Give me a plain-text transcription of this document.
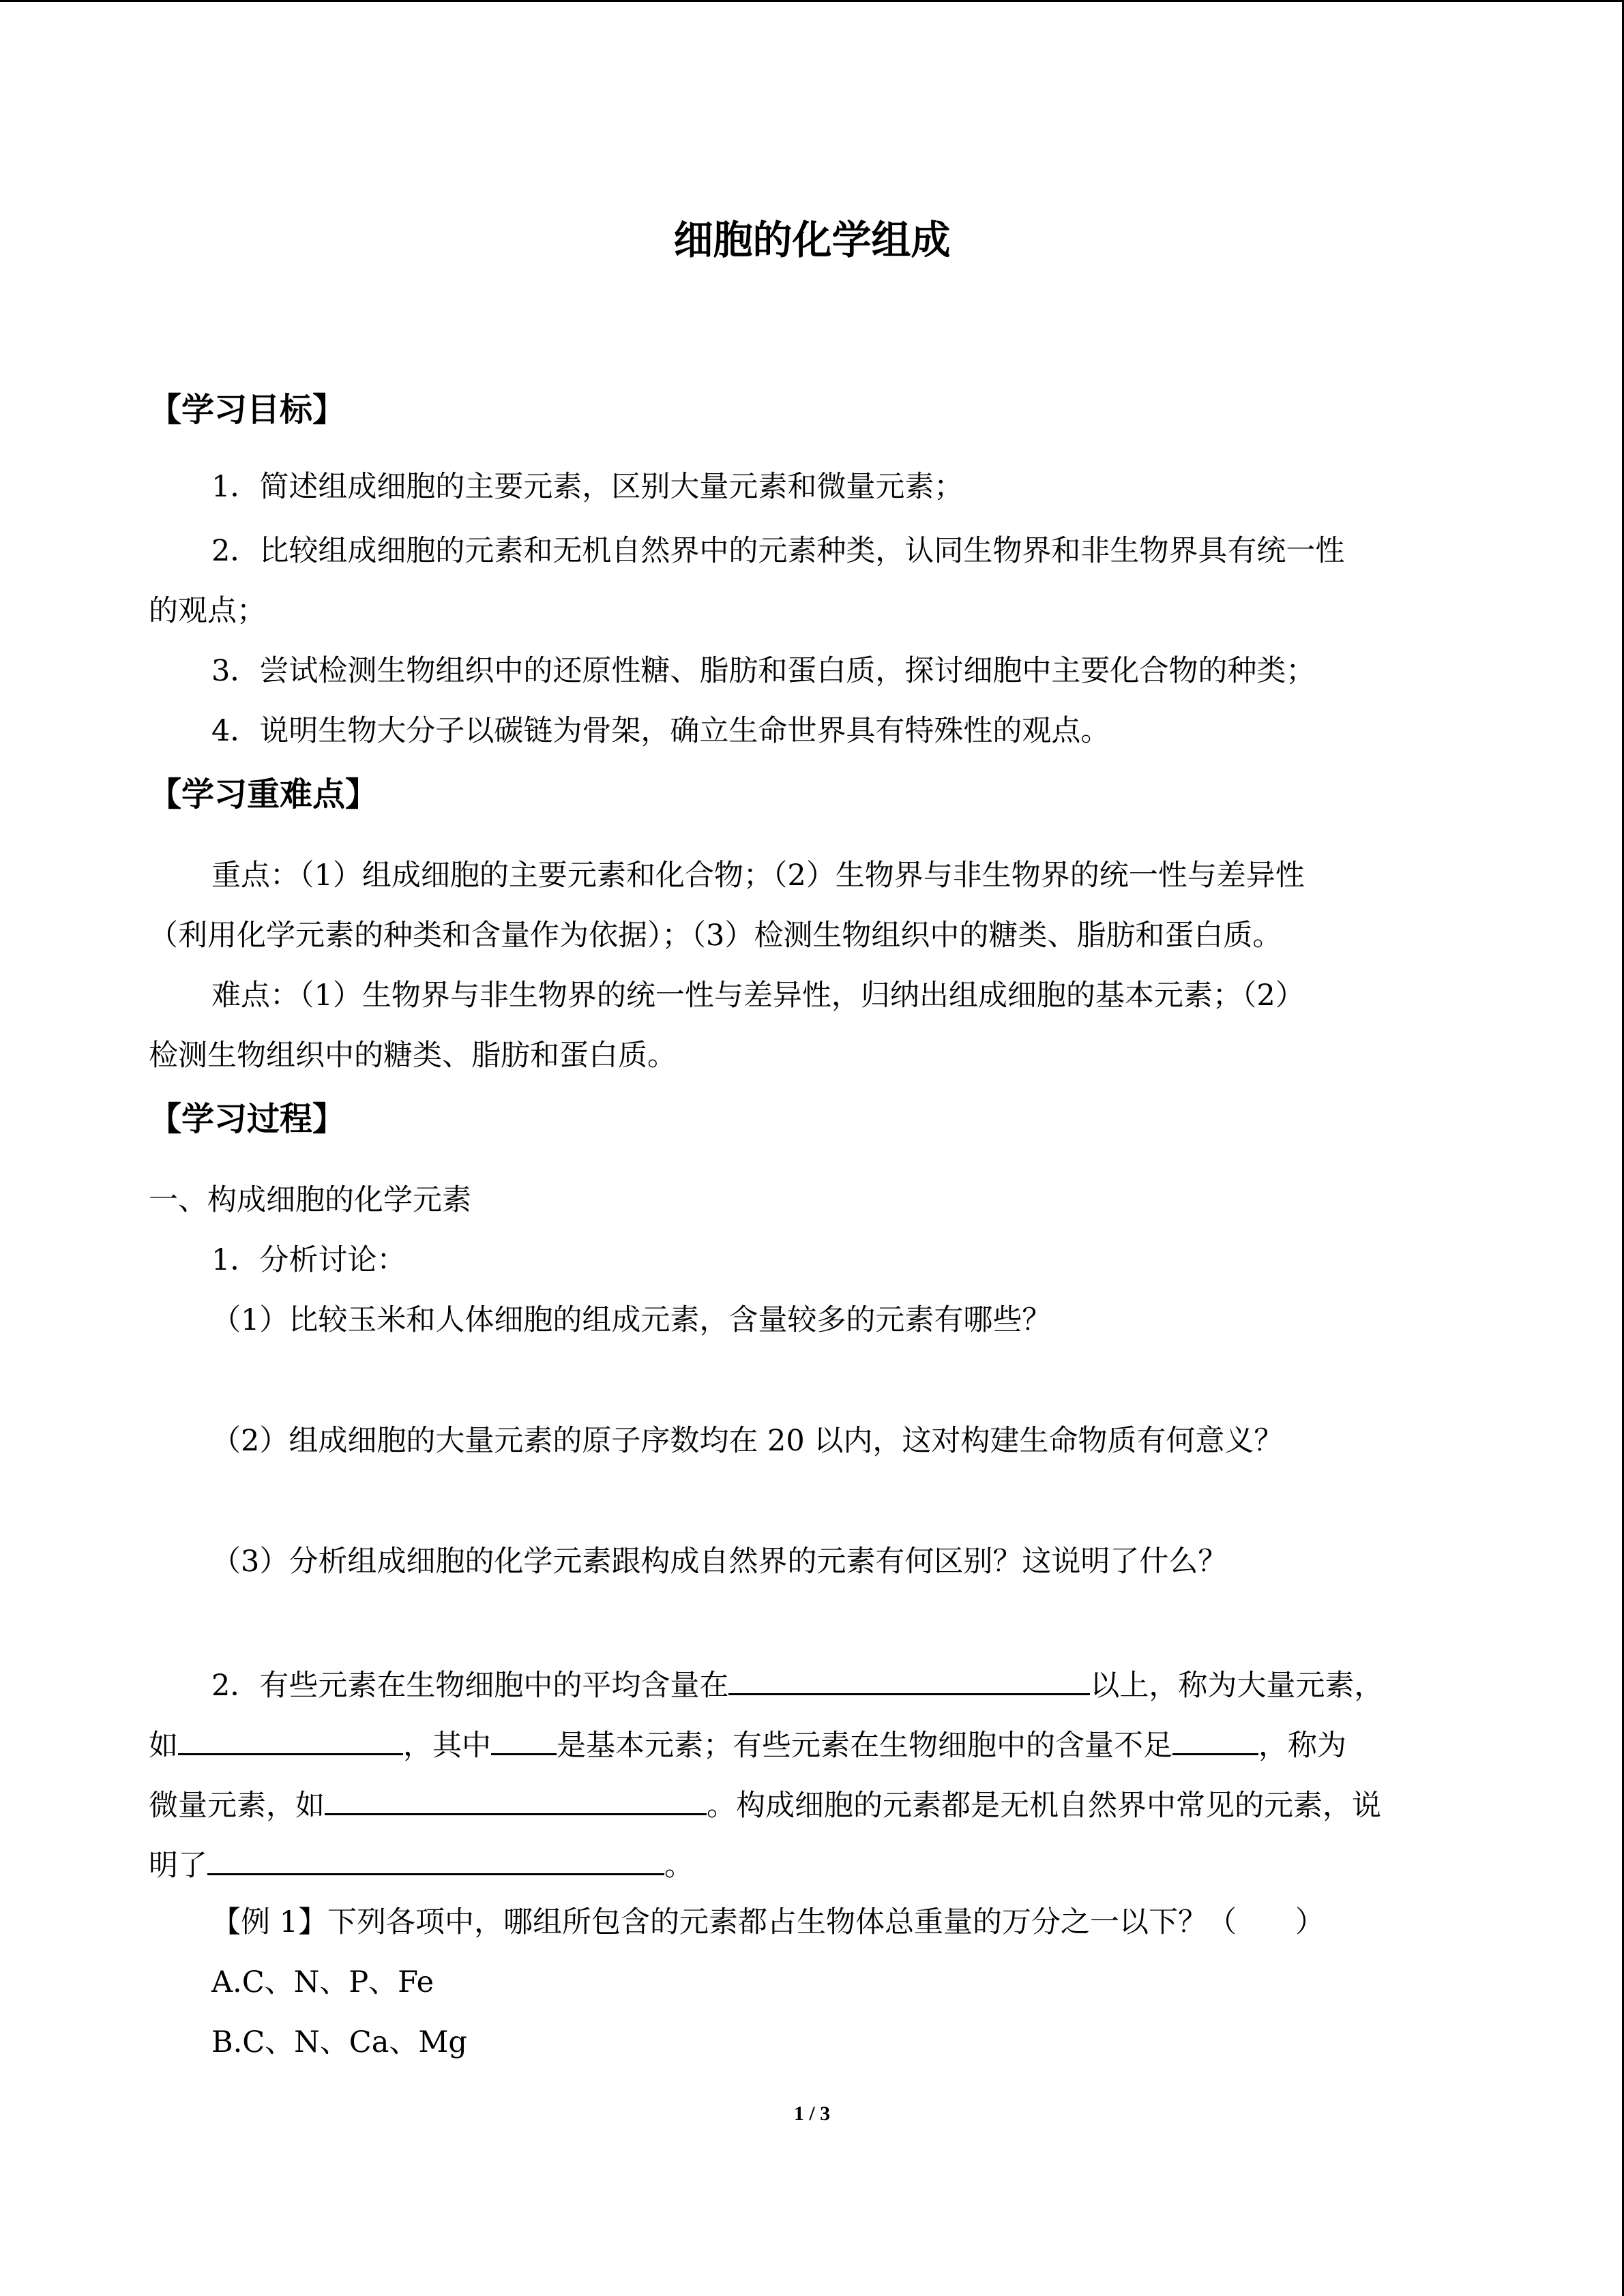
细胞的化学组成
【学习目标】
1．简述组成细胞的主要元素，区别大量元素和微量元素；
2．比较组成细胞的元素和无机自然界中的元素种类，认同生物界和非生物界具有统一性
的观点；
3．尝试检测生物组织中的还原性糖、脂肪和蛋白质，探讨细胞中主要化合物的种类；
4．说明生物大分子以碳链为骨架，确立生命世界具有特殊性的观点。
【学习重难点】
重点：（1）组成细胞的主要元素和化合物；（2）生物界与非生物界的统一性与差异性
（利用化学元素的种类和含量作为依据）；（3）检测生物组织中的糖类、脂肪和蛋白质。
难点：（1）生物界与非生物界的统一性与差异性，归纳出组成细胞的基本元素；（2）
检测生物组织中的糖类、脂肪和蛋白质。
【学习过程】
一、构成细胞的化学元素
1．分析讨论：
（1）比较玉米和人体细胞的组成元素，含量较多的元素有哪些？
（2）组成细胞的大量元素的原子序数均在 20 以内，这对构建生命物质有何意义？
（3）分析组成细胞的化学元素跟构成自然界的元素有何区别？这说明了什么？
2．有些元素在生物细胞中的平均含量在	以上，称为大量元素，
如	，其中 是基本元素；有些元素在生物细胞中的含量不足	，称为
微量元素，如	。构成细胞的元素都是无机自然界中常见的元素，说
明了	。
【例 1】下列各项中，哪组所包含的元素都占生物体总重量的万分之一以下？（　　）
A.C、N、P、Fe
B.C、N、Ca、Mg
1 / 3
